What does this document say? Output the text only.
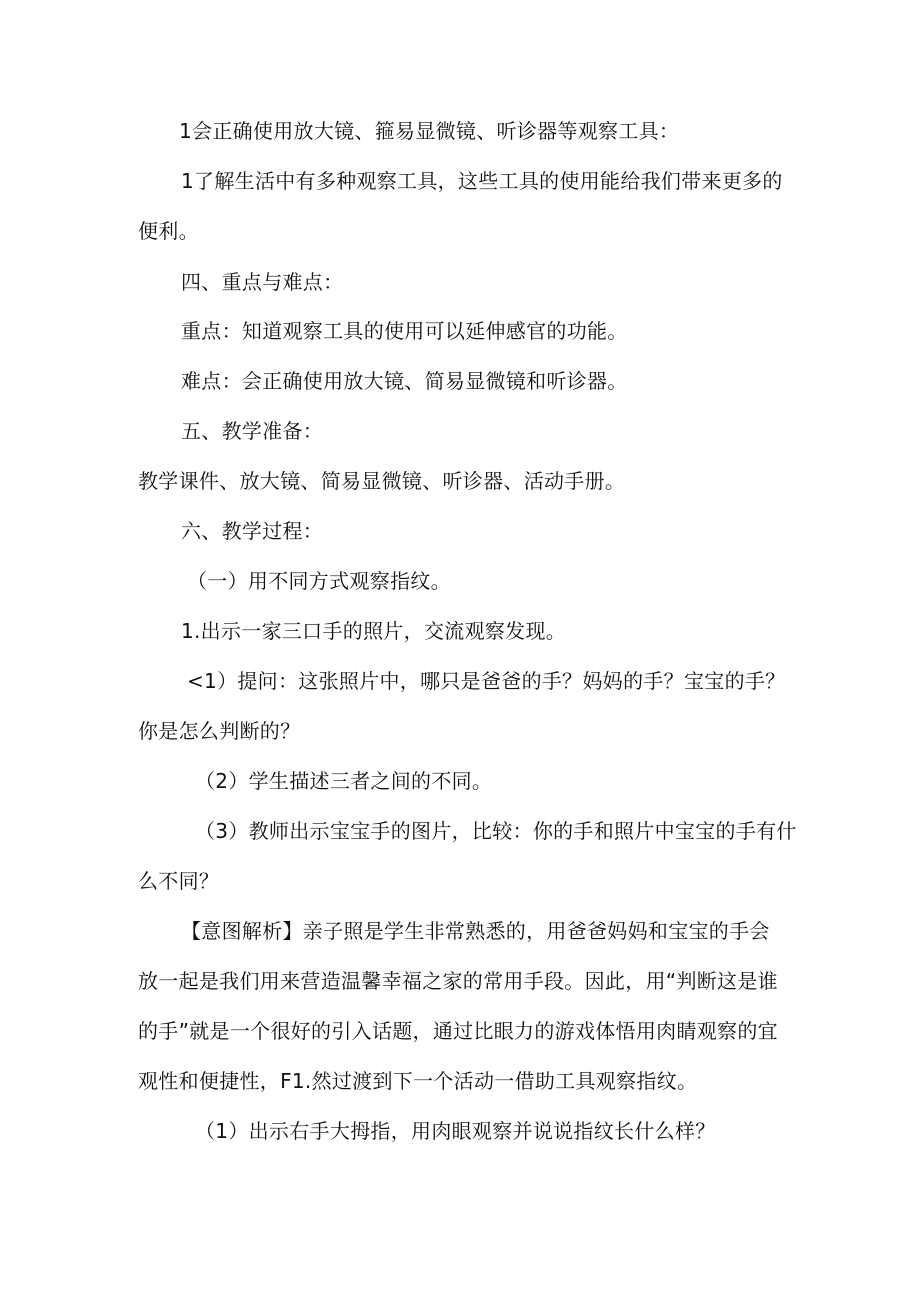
1会正确使用放大镜、箍易显微镜、听诊器等观察工具：
1了解生活中有多种观察工具，这些工具的使用能给我们带来更多的
便利。
四、重点与难点：
重点：知道观察工具的使用可以延伸感官的功能。
难点：会正确使用放大镜、简易显微镜和听诊器。
五、教学准备：
教学课件、放大镜、简易显微镜、听诊器、活动手册。
六、教学过程：
（一）用不同方式观察指纹。
1.出示一家三口手的照片，交流观察发现。
<1）提问：这张照片中，哪只是爸爸的手？妈妈的手？宝宝的手？
你是怎么判断的？
（2）学生描述三者之间的不同。
（3）教师出示宝宝手的图片，比较：你的手和照片中宝宝的手有什
么不同？
【意图解析】亲子照是学生非常熟悉的，用爸爸妈妈和宝宝的手会
放一起是我们用来营造温馨幸福之家的常用手段。因此，用“判断这是谁
的手”就是一个很好的引入话题，通过比眼力的游戏体悟用肉睛观察的宜
观性和便捷性，F1.然过渡到下一个活动一借助工具观察指纹。
（1）出示右手大拇指，用肉眼观察并说说指纹长什么样？
